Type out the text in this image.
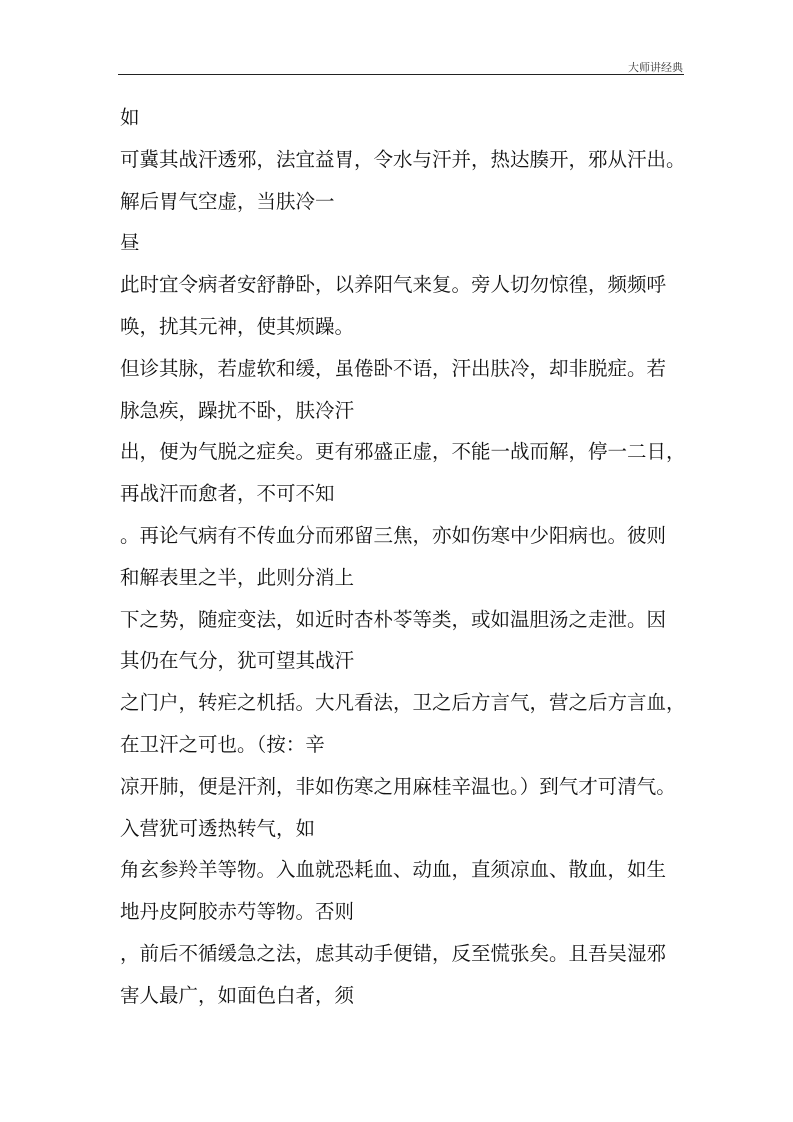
大师讲经典
如
可冀其战汗透邪，法宜益胃，令水与汗并，热达腠开，邪从汗出。
解后胃气空虚，当肤冷一
昼
此时宜令病者安舒静卧，以养阳气来复。旁人切勿惊徨，频频呼
唤，扰其元神，使其烦躁。
但诊其脉，若虚软和缓，虽倦卧不语，汗出肤冷，却非脱症。若
脉急疾，躁扰不卧，肤冷汗
出，便为气脱之症矣。更有邪盛正虚，不能一战而解，停一二日，
再战汗而愈者，不可不知
。再论气病有不传血分而邪留三焦，亦如伤寒中少阳病也。彼则
和解表里之半，此则分消上
下之势，随症变法，如近时杏朴苓等类，或如温胆汤之走泄。因
其仍在气分，犹可望其战汗
之门户，转疟之机括。大凡看法，卫之后方言气，营之后方言血，
在卫汗之可也。（按：辛
凉开肺，便是汗剂，非如伤寒之用麻桂辛温也。）到气才可清气。
入营犹可透热转气，如
角玄参羚羊等物。入血就恐耗血、动血，直须凉血、散血，如生
地丹皮阿胶赤芍等物。否则
，前后不循缓急之法，虑其动手便错，反至慌张矣。且吾吴湿邪
害人最广，如面色白者，须
